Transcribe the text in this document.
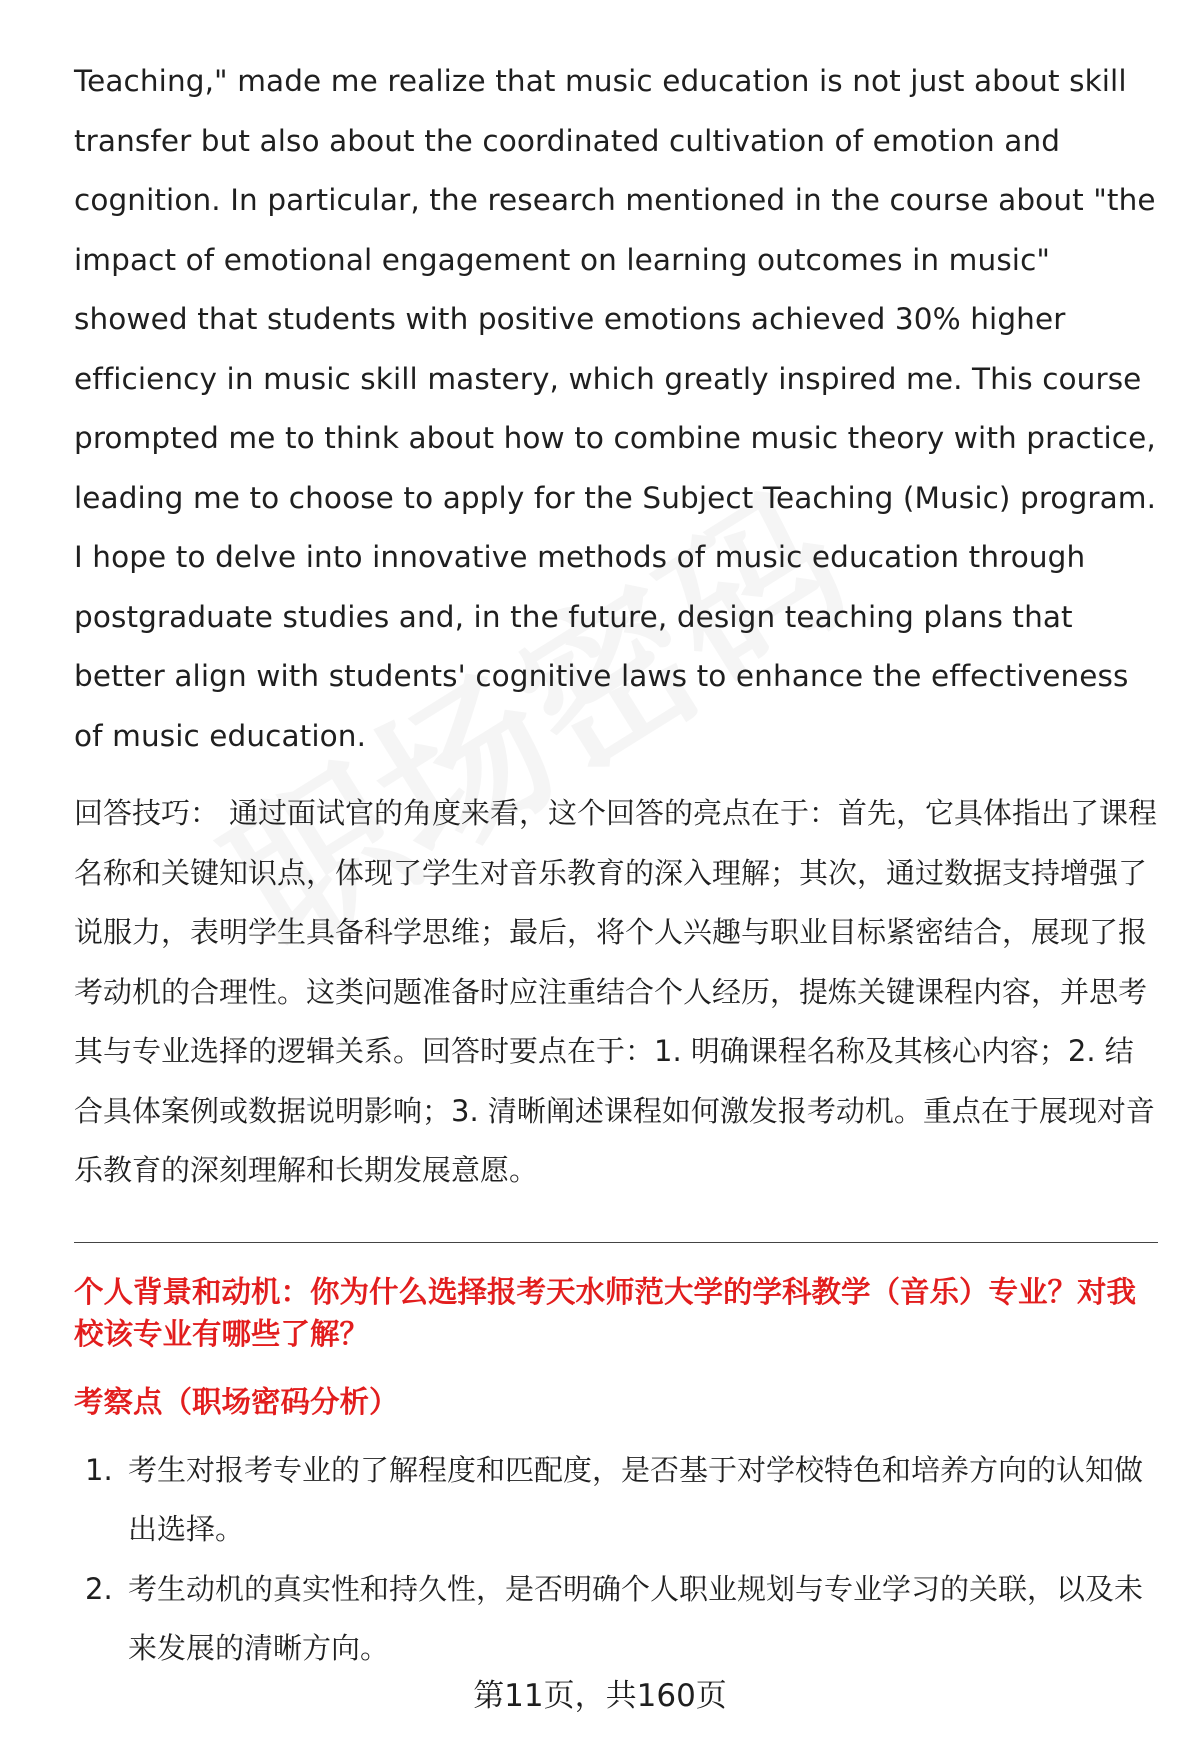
Teaching," made me realize that music education is not just about skill transfer but also about the coordinated cultivation of emotion and cognition. In particular, the research mentioned in the course about "the impact of emotional engagement on learning outcomes in music" showed that students with positive emotions achieved 30% higher efficiency in music skill mastery, which greatly inspired me. This course prompted me to think about how to combine music theory with practice, leading me to choose to apply for the Subject Teaching (Music) program. I hope to delve into innovative methods of music education through postgraduate studies and, in the future, design teaching plans that better align with students' cognitive laws to enhance the effectiveness of music education.

回答技巧： 通过面试官的角度来看，这个回答的亮点在于：首先，它具体指出了课程名称和关键知识点，体现了学生对音乐教育的深入理解；其次，通过数据支持增强了说服力，表明学生具备科学思维；最后，将个人兴趣与职业目标紧密结合，展现了报考动机的合理性。这类问题准备时应注重结合个人经历，提炼关键课程内容，并思考其与专业选择的逻辑关系。回答时要点在于：1. 明确课程名称及其核心内容；2. 结合具体案例或数据说明影响；3. 清晰阐述课程如何激发报考动机。重点在于展现对音乐教育的深刻理解和长期发展意愿。

个人背景和动机：你为什么选择报考天水师范大学的学科教学（音乐）专业？对我校该专业有哪些了解？
考察点（职场密码分析）
1. 考生对报考专业的了解程度和匹配度，是否基于对学校特色和培养方向的认知做出选择。
2. 考生动机的真实性和持久性，是否明确个人职业规划与专业学习的关联，以及未来发展的清晰方向。
第11页，共160页
